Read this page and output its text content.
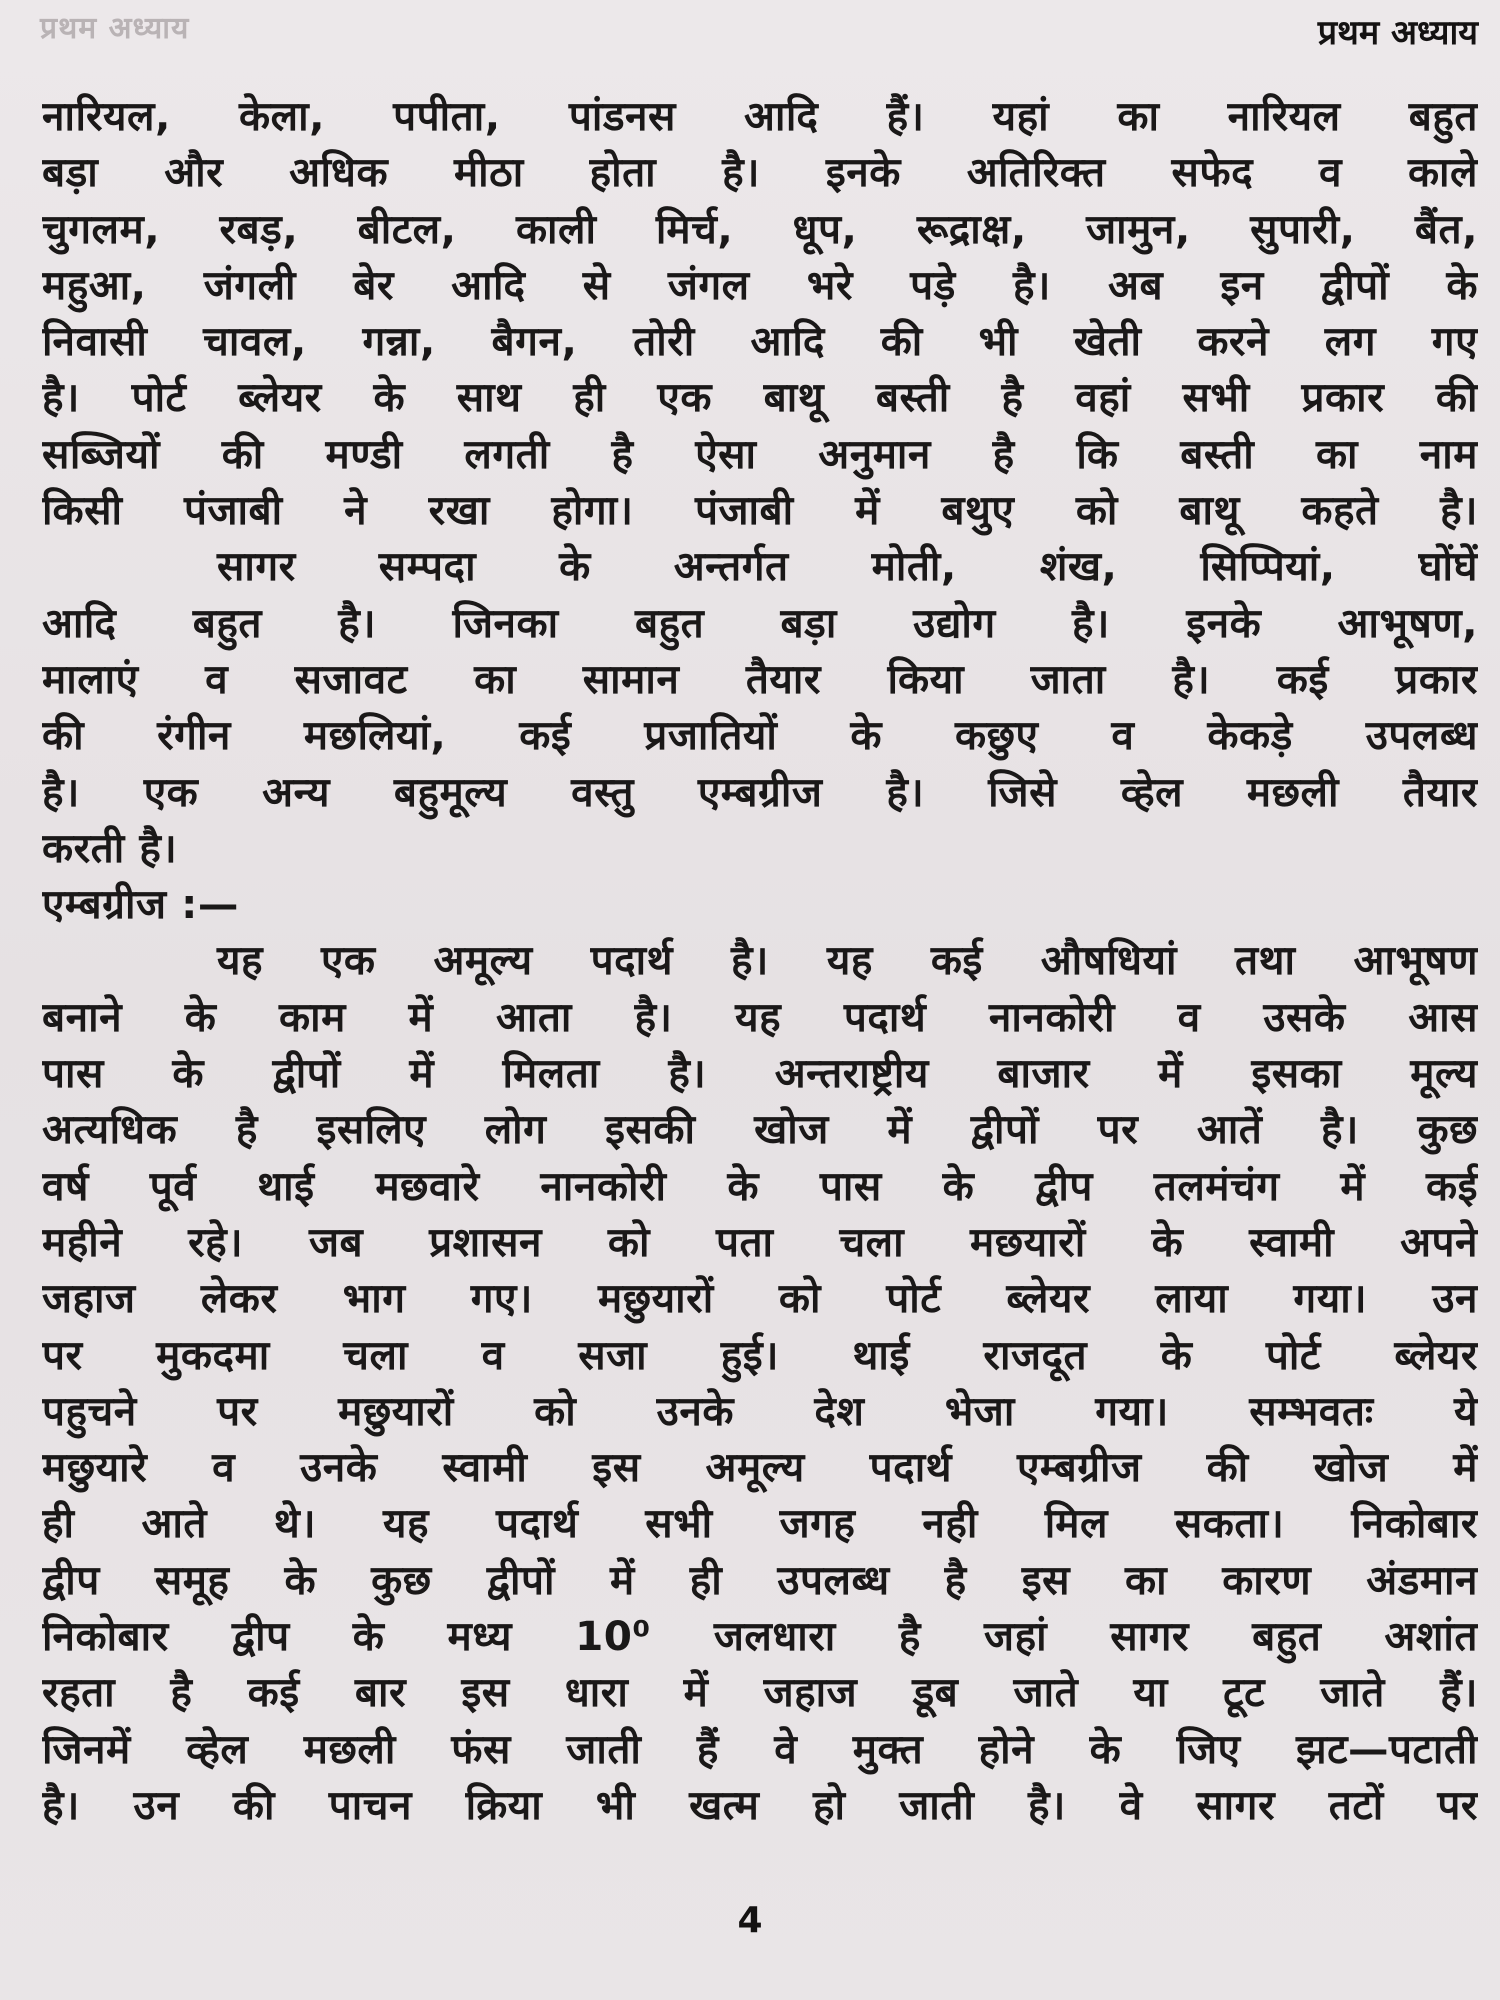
प्रथम अध्याय	प्रथम अध्याय
नारियल, केला, पपीता, पांडनस आदि हैं। यहां का नारियल बहुत
बड़ा और अधिक मीठा होता है। इनके अतिरिक्त सफेद व काले
चुगलम, रबड़, बीटल, काली मिर्च, धूप, रूद्राक्ष, जामुन, सुपारी, बैंत,
महुआ, जंगली बेर आदि से जंगल भरे पड़े है। अब इन द्वीपों के
निवासी चावल, गन्ना, बैगन, तोरी आदि की भी खेती करने लग गए
है। पोर्ट ब्लेयर के साथ ही एक बाथू बस्ती है वहां सभी प्रकार की
सब्जियों की मण्डी लगती है ऐसा अनुमान है कि बस्ती का नाम
किसी पंजाबी ने रखा होगा। पंजाबी में बथुए को बाथू कहते है।
सागर सम्पदा के अन्तर्गत मोती, शंख, सिप्पियां, घोंघें
आदि बहुत है। जिनका बहुत बड़ा उद्योग है। इनके आभूषण,
मालाएं व सजावट का सामान तैयार किया जाता है। कई प्रकार
की रंगीन मछलियां, कई प्रजातियों के कछुए व केकड़े उपलब्ध
है। एक अन्य बहुमूल्य वस्तु एम्बग्रीज है। जिसे व्हेल मछली तैयार
करती है।
एम्बग्रीज :—
यह एक अमूल्य पदार्थ है। यह कई औषधियां तथा आभूषण
बनाने के काम में आता है। यह पदार्थ नानकोरी व उसके आस
पास के द्वीपों में मिलता है। अन्तराष्ट्रीय बाजार में इसका मूल्य
अत्यधिक है इसलिए लोग इसकी खोज में द्वीपों पर आतें है। कुछ
वर्ष पूर्व थाई मछवारे नानकोरी के पास के द्वीप तलमंचंग में कई
महीने रहे। जब प्रशासन को पता चला मछयारों के स्वामी अपने
जहाज लेकर भाग गए। मछुयारों को पोर्ट ब्लेयर लाया गया। उन
पर मुकदमा चला व सजा हुई। थाई राजदूत के पोर्ट ब्लेयर
पहुचने पर मछुयारों को उनके देश भेजा गया। सम्भवतः ये
मछुयारे व उनके स्वामी इस अमूल्य पदार्थ एम्बग्रीज की खोज में
ही आते थे। यह पदार्थ सभी जगह नही मिल सकता। निकोबार
द्वीप समूह के कुछ द्वीपों में ही उपलब्ध है इस का कारण अंडमान
निकोबार द्वीप के मध्य 10⁰ जलधारा है जहां सागर बहुत अशांत
रहता है कई बार इस धारा में जहाज डूब जाते या टूट जाते हैं।
जिनमें व्हेल मछली फंस जाती हैं वे मुक्त होने के जिए झट—पटाती
है। उन की पाचन क्रिया भी खत्म हो जाती है। वे सागर तटों पर
4
